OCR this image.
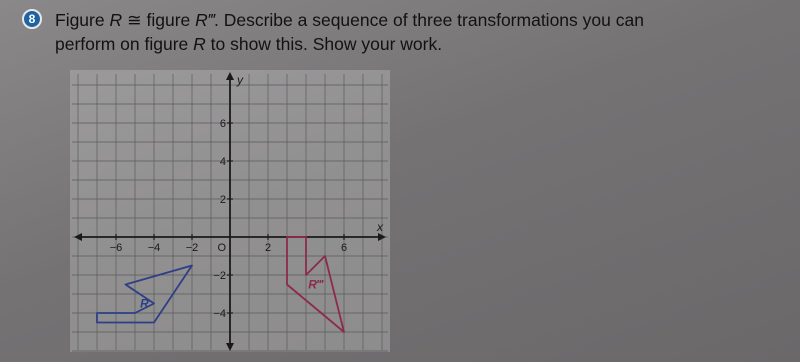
8	Figure R ≅ figure R‴. Describe a sequence of three transformations you can
perform on figure R to show this. Show your work.
−6 −4 −2	2	6
6
4
2
−2
−4
O
x
y
R
R‴
